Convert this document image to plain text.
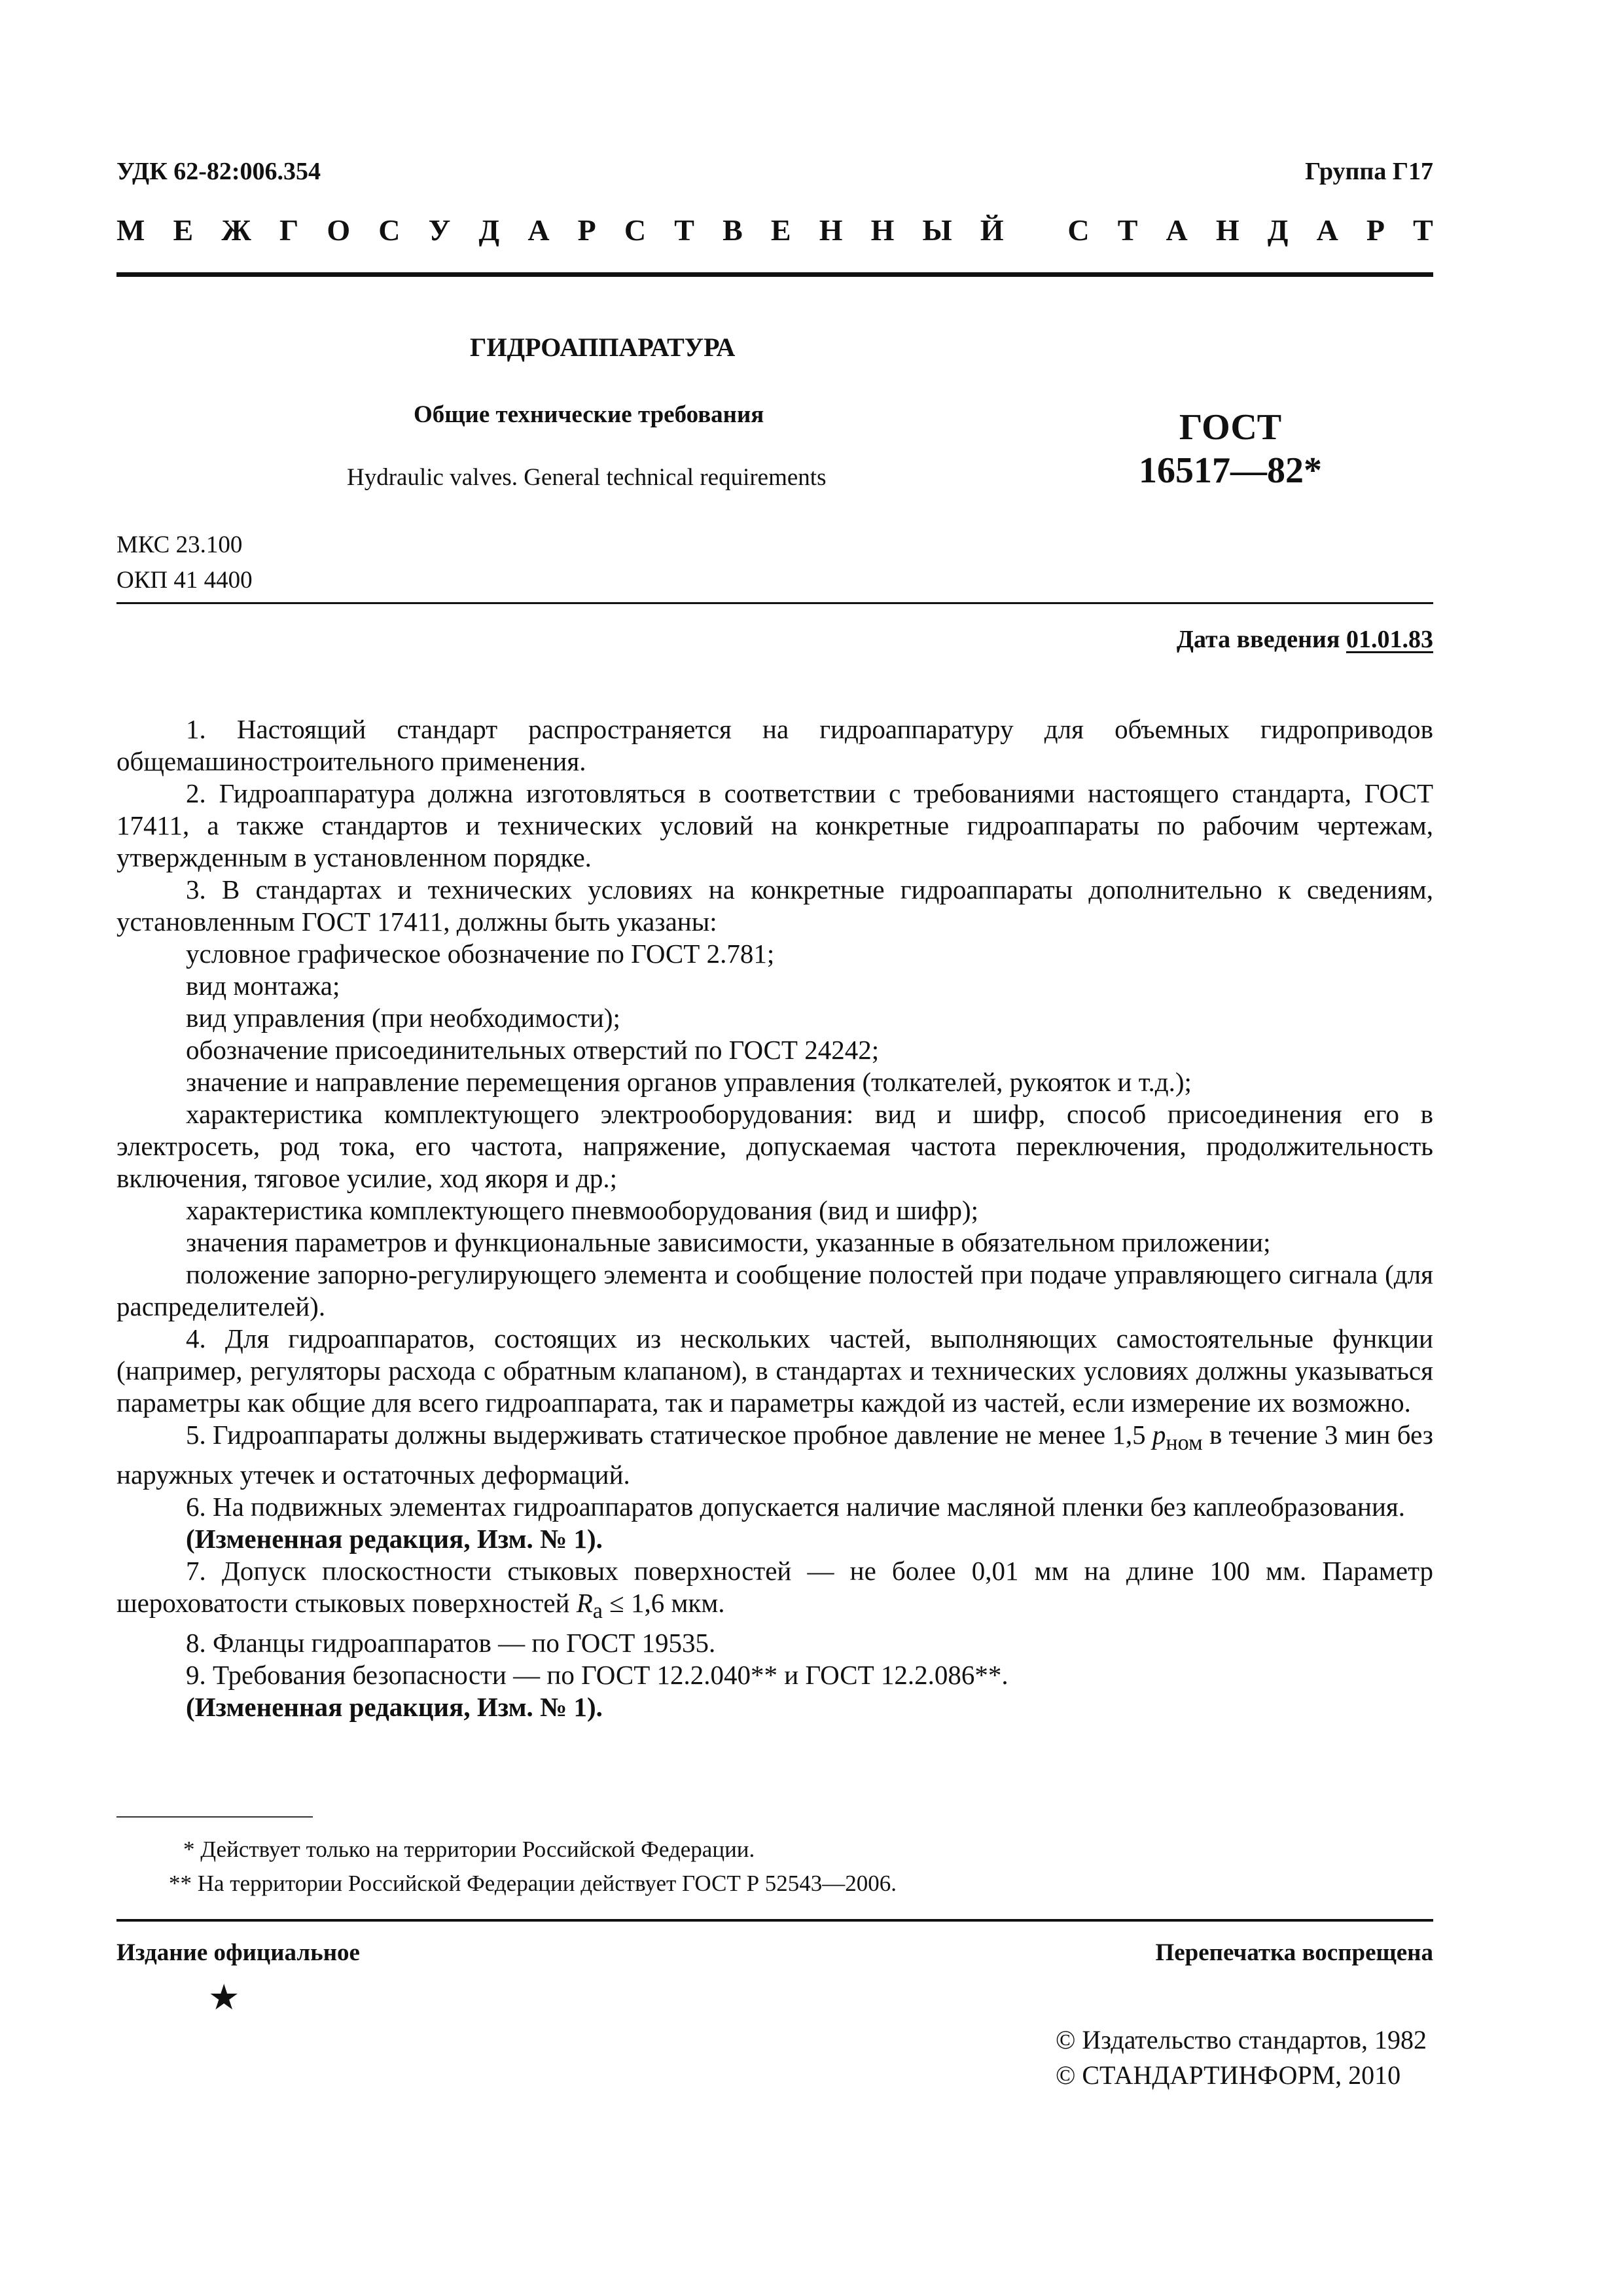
УДК 62-82:006.354	Группа Г17
М Е Ж Г О С У Д А Р С Т В Е Н Н Ы Й
С Т А Н Д А Р Т
ГИДРОАППАРАТУРА
Общие технические требования
Hydraulic valves. General technical requirements
ГОСТ
16517—82*
МКС 23.100
ОКП 41 4400
Дата введения 01.01.83

1. Настоящий стандарт распространяется на гидроаппаратуру для объемных гидроприводов общемашиностроительного применения.

2. Гидроаппаратура должна изготовляться в соответствии с требованиями настоящего стандарта, ГОСТ 17411, а также стандартов и технических условий на конкретные гидроаппараты по рабочим чертежам, утвержденным в установленном порядке.

3. В стандартах и технических условиях на конкретные гидроаппараты дополнительно к сведениям, установленным ГОСТ 17411, должны быть указаны:

условное графическое обозначение по ГОСТ 2.781;

вид монтажа;

вид управления (при необходимости);

обозначение присоединительных отверстий по ГОСТ 24242;

значение и направление перемещения органов управления (толкателей, рукояток и т.д.);

характеристика комплектующего электрооборудования: вид и шифр, способ присоединения его в электросеть, род тока, его частота, напряжение, допускаемая частота переключения, продолжительность включения, тяговое усилие, ход якоря и др.;

характеристика комплектующего пневмооборудования (вид и шифр);

значения параметров и функциональные зависимости, указанные в обязательном приложении;

положение запорно-регулирующего элемента и сообщение полостей при подаче управляющего сигнала (для распределителей).

4. Для гидроаппаратов, состоящих из нескольких частей, выполняющих самостоятельные функции (например, регуляторы расхода с обратным клапаном), в стандартах и технических условиях должны указываться параметры как общие для всего гидроаппарата, так и параметры каждой из частей, если измерение их возможно.

5. Гидроаппараты должны выдерживать статическое пробное давление не менее 1,5 $p_{ном}$ в течение 3 мин без наружных утечек и остаточных деформаций.

6. На подвижных элементах гидроаппаратов допускается наличие масляной пленки без каплеобразования.

(Измененная редакция, Изм. № 1).

7. Допуск плоскостности стыковых поверхностей — не более 0,01 мм на длине 100 мм. Параметр шероховатости стыковых поверхностей $R_a \le 1,6$ мкм.

8. Фланцы гидроаппаратов — по ГОСТ 19535.

9. Требования безопасности — по ГОСТ 12.2.040** и ГОСТ 12.2.086**.

(Измененная редакция, Изм. № 1).

* Действует только на территории Российской Федерации.
** На территории Российской Федерации действует ГОСТ Р 52543—2006.
Издание официальное	Перепечатка воспрещена
★
© Издательство стандартов, 1982
© СТАНДАРТИНФОРМ, 2010
